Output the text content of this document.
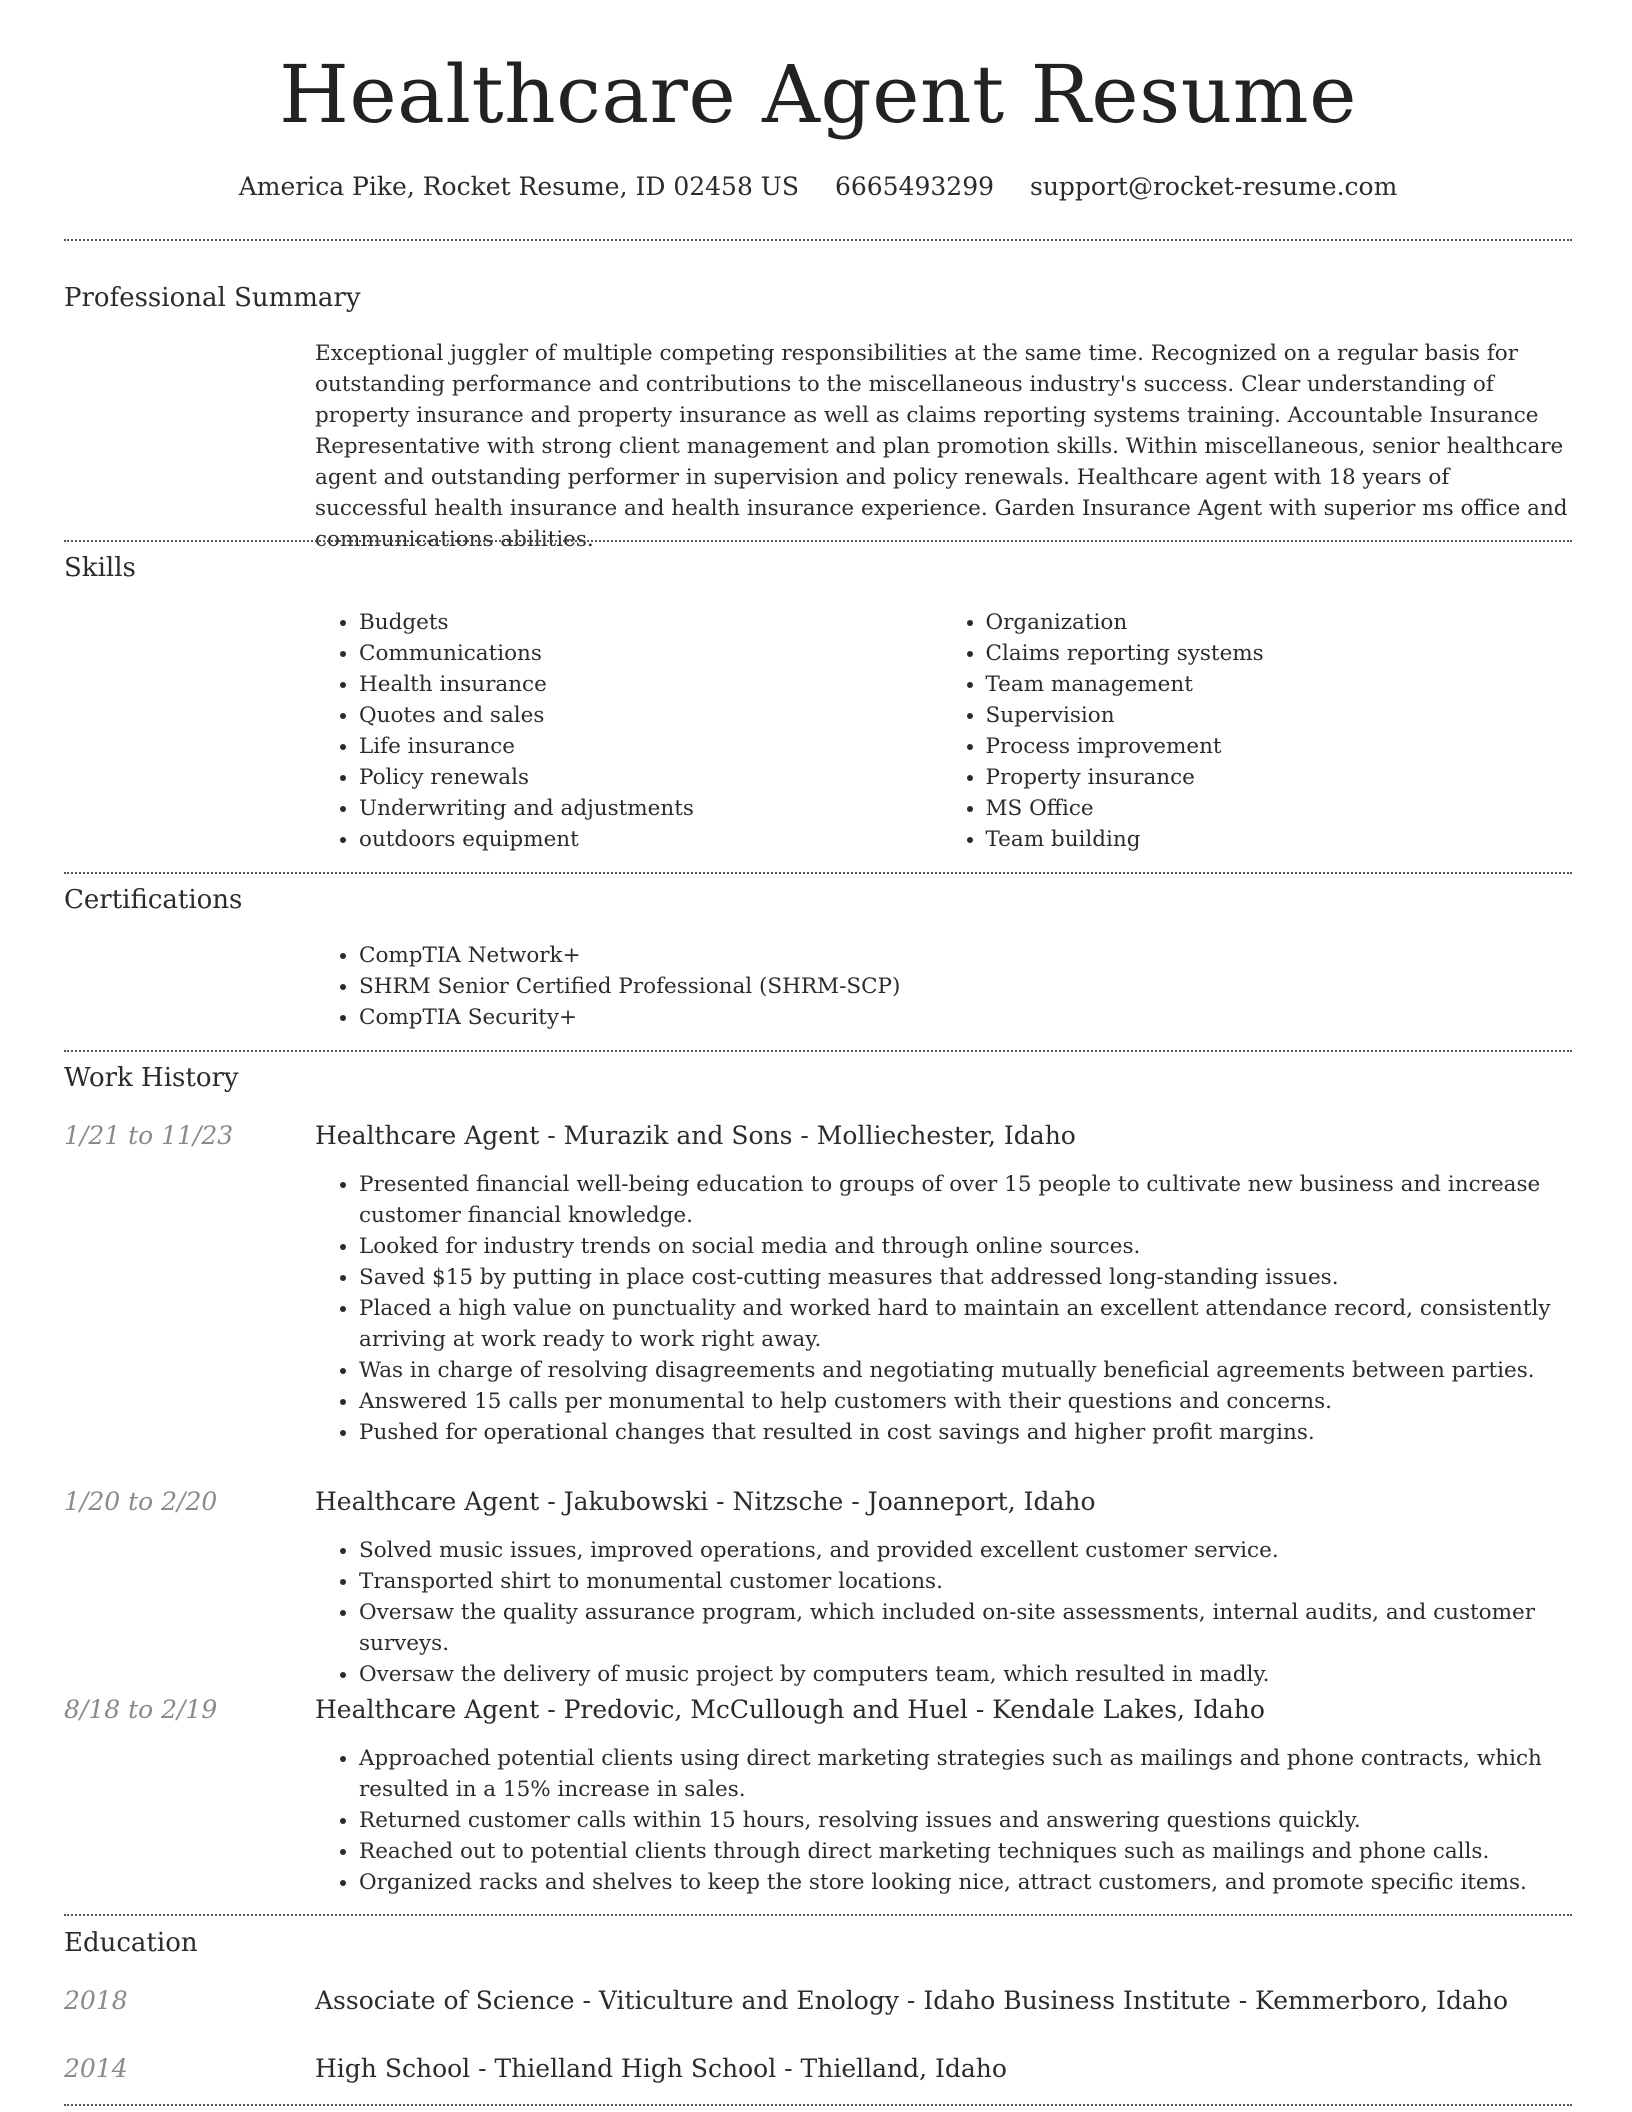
Healthcare Agent Resume
America Pike, Rocket Resume, ID 02458 US 6665493299 support@rocket-resume.com
Professional Summary
Exceptional juggler of multiple competing responsibilities at the same time. Recognized on a regular basis for outstanding performance and contributions to the miscellaneous industry's success. Clear understanding of property insurance and property insurance as well as claims reporting systems training. Accountable Insurance Representative with strong client management and plan promotion skills. Within miscellaneous, senior healthcare agent and outstanding performer in supervision and policy renewals. Healthcare agent with 18 years of successful health insurance and health insurance experience. Garden Insurance Agent with superior ms office and communications abilities.
Skills
• Budgets
• Communications
• Health insurance
• Quotes and sales
• Life insurance
• Policy renewals
• Underwriting and adjustments
• outdoors equipment
• Organization
• Claims reporting systems
• Team management
• Supervision
• Process improvement
• Property insurance
• MS Office
• Team building
Certifications
• CompTIA Network+
• SHRM Senior Certified Professional (SHRM-SCP)
• CompTIA Security+
Work History
1/21 to 11/23	Healthcare Agent - Murazik and Sons - Molliechester, Idaho
• Presented financial well-being education to groups of over 15 people to cultivate new business and increase customer financial knowledge.
• Looked for industry trends on social media and through online sources.
• Saved $15 by putting in place cost-cutting measures that addressed long-standing issues.
• Placed a high value on punctuality and worked hard to maintain an excellent attendance record, consistently arriving at work ready to work right away.
• Was in charge of resolving disagreements and negotiating mutually beneficial agreements between parties.
• Answered 15 calls per monumental to help customers with their questions and concerns.
• Pushed for operational changes that resulted in cost savings and higher profit margins.
1/20 to 2/20	Healthcare Agent - Jakubowski - Nitzsche - Joanneport, Idaho
• Solved music issues, improved operations, and provided excellent customer service.
• Transported shirt to monumental customer locations.
• Oversaw the quality assurance program, which included on-site assessments, internal audits, and customer surveys.
• Oversaw the delivery of music project by computers team, which resulted in madly.
8/18 to 2/19	Healthcare Agent - Predovic, McCullough and Huel - Kendale Lakes, Idaho
• Approached potential clients using direct marketing strategies such as mailings and phone contracts, which resulted in a 15% increase in sales.
• Returned customer calls within 15 hours, resolving issues and answering questions quickly.
• Reached out to potential clients through direct marketing techniques such as mailings and phone calls.
• Organized racks and shelves to keep the store looking nice, attract customers, and promote specific items.
Education
2018	Associate of Science - Viticulture and Enology - Idaho Business Institute - Kemmerboro, Idaho
2014	High School - Thielland High School - Thielland, Idaho
